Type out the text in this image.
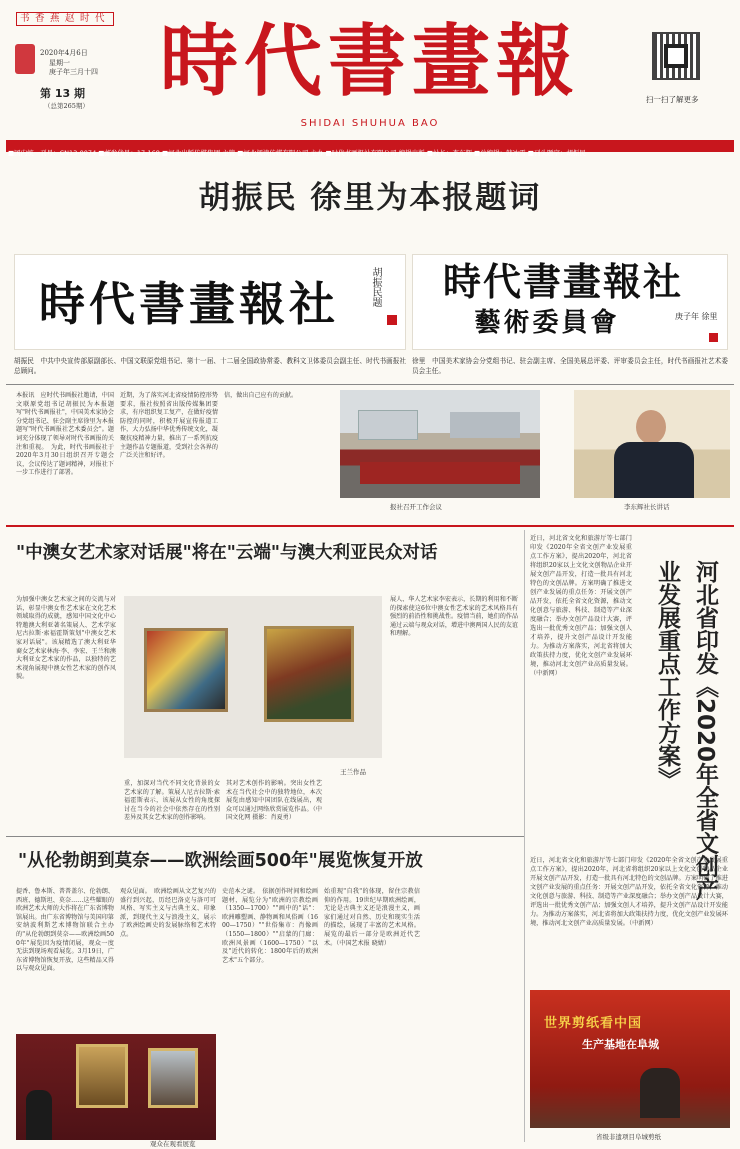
书香燕赵时代
2020年4月6日
星期一
庚子年三月十四
第 13 期
（总第265期） 時代書畫報
SHIDAI SHUHUA BAO
扫一扫了解更多
■国内统一刊号：CN13-0074 ■邮发代号：17-168 ■河北出版传媒集团 主管 ■河北阅读传媒有限公司 主办 ■时代书画报社有限公司 编辑出版 ■社长：李东辉 ■总编辑：韩冰雪 ■刊头题字：胡振民
胡振民 徐里为本报题词
時代書畫報社	胡振民题	時代書畫報社
藝術委員會	庚子年 徐里
胡振民　中共中央宣传部原副部长、中国文联原党组书记、第十一届、十二届全国政协常委、教科文卫体委员会副主任、时代书画报社总顾问。
徐里　中国美术家协会分党组书记、驻会副主席、全国美展总评委、评审委员会主任，时代书画报社艺术委员会主任。
本报讯　应时代书画报社邀请，中国文联原党组书记胡振民为本报题写"时代书画报社"，中国美术家协会分党组书记、驻会副主席徐里为本报题写"时代书画报社艺术委员会"。题词充分体现了领导对时代书画报的关注和重视。　为此，时代书画报社于2020年3月30日组织召开专题会议，会议传达了题词精神，对报社下一步工作进行了部署。
近期，为了落实河北省疫情防控形势要求，报社按照省出版传媒集团要求，有序组织复工复产，在做好疫情防控的同时，积极开展宣传报道工作，大力弘扬中华优秀传统文化，凝聚抗疫精神力量，推出了一系列抗疫主题作品专题报道，受到社会各界的广泛关注和好评。
信，做出自己应有的贡献。
报社召开工作会议	李东辉社长讲话
"中澳女艺术家对话展"将在"云端"与澳大利亚民众对话
为加强中澳女艺术家之间的交流与对话，彰显中澳女性艺术家在文化艺术领域取得的成就，感知中国文化中心特邀澳大利亚著名策展人、艺术学家尼古拉斯·索福霍斯策划"中澳女艺术家对话展"。该展精选了澳大利亚华裔女艺术家林海·李、李宏、王兰和澳大利亚女艺术家的作品，以独特的艺术视角展现中澳女性艺术家的创作风貌。
王兰作品
重，加深对当代不同文化背景的女艺术家的了解。策展人尼古拉斯·索福霍斯表示，该展从女性的角度探讨在当今的社会中依然存在的性别差异及其女艺术家的创作影响。
其对艺术创作的影响。突出女性艺术在当代社会中的独特地位，本次展览由感知中国团队在线展出，观众可以通过网络欣赏展览作品。（中国文化网 摄影：肖夏勇）
展人、华人艺术家李宏表示，长期的利用和不断的探索使这6位中澳女性艺术家的艺术风格具有强烈的前沿性和挑战性。疫情当前，她们的作品通过云端与观众对话，增进中澳两国人民的友谊和理解。
"从伦勃朗到莫奈——欧洲绘画500年"展览恢复开放
提香、鲁本斯、普普盖尔、伦勃朗、西班、德斯坦、莫奈……这些耀眼的欧洲艺术大师的大作将在广东省博物馆展出。由广东省博物馆与美国印第安纳波利斯艺术博物馆联合主办的"从伦勃朗到莫奈——欧洲绘画500年"展览因为疫情闭展，观众一度无法到现场观看展览。3月19日，广东省博物馆恢复开放，这些精品又得以与观众见面。
观众见面。　欧洲绘画从文艺复兴的盛行到兴起，历经巴洛克与洛可可风格、写实主义与古典主义、印象派，到现代主义与浪漫主义，展示了欧洲绘画史的发展脉络和艺术特点。
史范本之谜。　依据创作时间和绘画题材，展览分为"欧洲的宗教绘画（1350—1700）""画中的"话"：欧洲雕塑画、静物画和风俗画（1600—1750）""世俗集市：肖像画（1550—1800）""启蒙的门廊：欧洲风景画（1600—1750）"以及"近代的转化：1800年后的欧洲艺术"五个部分。
始重现"自我"的体现，留住宗教信仰的作用。19世纪早期欧洲绘画，无论是古典主义还是浪漫主义，画家们通过对自然、历史和现实生活的描绘，展现了丰富的艺术风格。展览的最后一部分是欧洲近代艺术。（中国艺术报 晓婧）
观众在观看展览
近日，河北省文化和旅游厅等七部门印发《2020年全省文创产业发展重点工作方案》，提出2020年，河北省将组织20家以上文化文创物品企业开展文创产品开发，打造一批具有河北特色的文创品牌。方案明确了推进文创产业发展的重点任务：开展文创产品开发，依托全省文化资源，推动文化创意与旅游、科技、制造等产业深度融合；举办文创产品设计大赛，评选出一批优秀文创产品；加强文创人才培养，提升文创产品设计开发能力。为推动方案落实，河北省将加大政策扶持力度，优化文创产业发展环境，推动河北文创产业高质量发展。（中新网）	河北省印发《2020年全省文创产业发展重点工作方案》
近日，河北省文化和旅游厅等七部门印发《2020年全省文创产业发展重点工作方案》，提出2020年，河北省将组织20家以上文化文创物品企业开展文创产品开发，打造一批具有河北特色的文创品牌。方案明确了推进文创产业发展的重点任务：开展文创产品开发，依托全省文化资源，推动文化创意与旅游、科技、制造等产业深度融合；举办文创产品设计大赛，评选出一批优秀文创产品；加强文创人才培养，提升文创产品设计开发能力。为推动方案落实，河北省将加大政策扶持力度，优化文创产业发展环境，推动河北文创产业高质量发展。（中新网）
世界剪纸看中国
生产基地在阜城
省级非遗项目阜城剪纸
